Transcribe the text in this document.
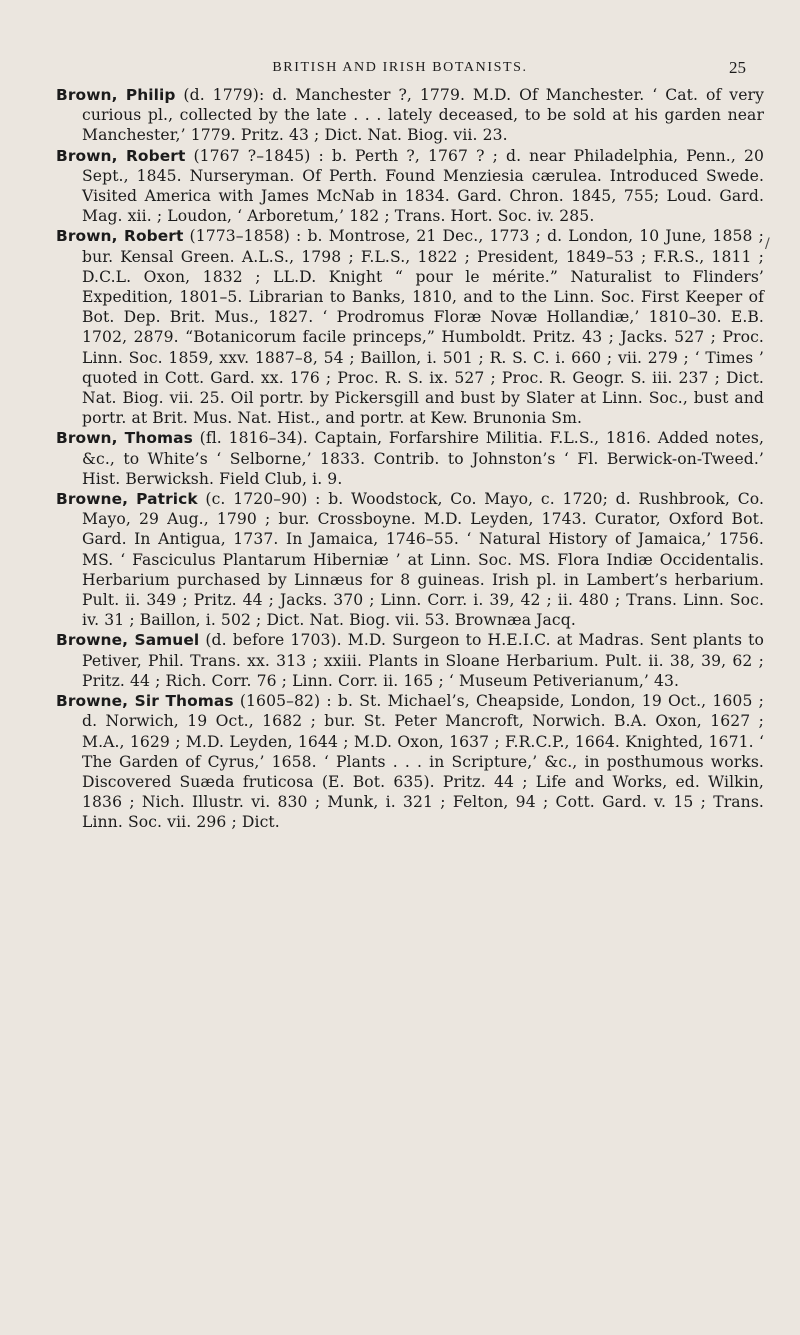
BRITISH AND IRISH BOTANISTS.	25
/

Brown, Philip (d. 1779): d. Manchester ?, 1779. M.D. Of Manchester. ‘ Cat. of very curious pl., collected by the late . . . lately deceased, to be sold at his garden near Manchester,’ 1779. Pritz. 43 ; Dict. Nat. Biog. vii. 23.

Brown, Robert (1767 ?–1845) : b. Perth ?, 1767 ? ; d. near Philadelphia, Penn., 20 Sept., 1845. Nurseryman. Of Perth. Found Menziesia cærulea. Introduced Swede. Visited America with James McNab in 1834. Gard. Chron. 1845, 755; Loud. Gard. Mag. xii. ; Loudon, ‘ Arboretum,’ 182 ; Trans. Hort. Soc. iv. 285.

Brown, Robert (1773–1858) : b. Montrose, 21 Dec., 1773 ; d. London, 10 June, 1858 ; bur. Kensal Green. A.L.S., 1798 ; F.L.S., 1822 ; President, 1849–53 ; F.R.S., 1811 ; D.C.L. Oxon, 1832 ; LL.D. Knight “ pour le mérite.” Naturalist to Flinders’ Expedition, 1801–5. Librarian to Banks, 1810, and to the Linn. Soc. First Keeper of Bot. Dep. Brit. Mus., 1827. ‘ Prodromus Floræ Novæ Hollandiæ,’ 1810–30. E.B. 1702, 2879. “Botanicorum facile princeps,” Humboldt. Pritz. 43 ; Jacks. 527 ; Proc. Linn. Soc. 1859, xxv. 1887–8, 54 ; Baillon, i. 501 ; R. S. C. i. 660 ; vii. 279 ; ‘ Times ’ quoted in Cott. Gard. xx. 176 ; Proc. R. S. ix. 527 ; Proc. R. Geogr. S. iii. 237 ; Dict. Nat. Biog. vii. 25. Oil portr. by Pickersgill and bust by Slater at Linn. Soc., bust and portr. at Brit. Mus. Nat. Hist., and portr. at Kew. Brunonia Sm.

Brown, Thomas (fl. 1816–34). Captain, Forfarshire Militia. F.L.S., 1816. Added notes, &c., to White’s ‘ Selborne,’ 1833. Contrib. to Johnston’s ‘ Fl. Berwick-on-Tweed.’ Hist. Berwicksh. Field Club, i. 9.

Browne, Patrick (c. 1720–90) : b. Woodstock, Co. Mayo, c. 1720; d. Rushbrook, Co. Mayo, 29 Aug., 1790 ; bur. Crossboyne. M.D. Leyden, 1743. Curator, Oxford Bot. Gard. In Antigua, 1737. In Jamaica, 1746–55. ‘ Natural History of Jamaica,’ 1756. MS. ‘ Fasciculus Plantarum Hiberniæ ’ at Linn. Soc. MS. Flora Indiæ Occidentalis. Herbarium purchased by Linnæus for 8 guineas. Irish pl. in Lambert’s herbarium. Pult. ii. 349 ; Pritz. 44 ; Jacks. 370 ; Linn. Corr. i. 39, 42 ; ii. 480 ; Trans. Linn. Soc. iv. 31 ; Baillon, i. 502 ; Dict. Nat. Biog. vii. 53. Brownæa Jacq.

Browne, Samuel (d. before 1703). M.D. Surgeon to H.E.I.C. at Madras. Sent plants to Petiver, Phil. Trans. xx. 313 ; xxiii. Plants in Sloane Herbarium. Pult. ii. 38, 39, 62 ; Pritz. 44 ; Rich. Corr. 76 ; Linn. Corr. ii. 165 ; ‘ Museum Petiverianum,’ 43.

Browne, Sir Thomas (1605–82) : b. St. Michael’s, Cheapside, London, 19 Oct., 1605 ; d. Norwich, 19 Oct., 1682 ; bur. St. Peter Mancroft, Norwich. B.A. Oxon, 1627 ; M.A., 1629 ; M.D. Leyden, 1644 ; M.D. Oxon, 1637 ; F.R.C.P., 1664. Knighted, 1671. ‘ The Garden of Cyrus,’ 1658. ‘ Plants . . . in Scripture,’ &c., in posthumous works. Discovered Suæda fruticosa (E. Bot. 635). Pritz. 44 ; Life and Works, ed. Wilkin, 1836 ; Nich. Illustr. vi. 830 ; Munk, i. 321 ; Felton, 94 ; Cott. Gard. v. 15 ; Trans. Linn. Soc. vii. 296 ; Dict.
